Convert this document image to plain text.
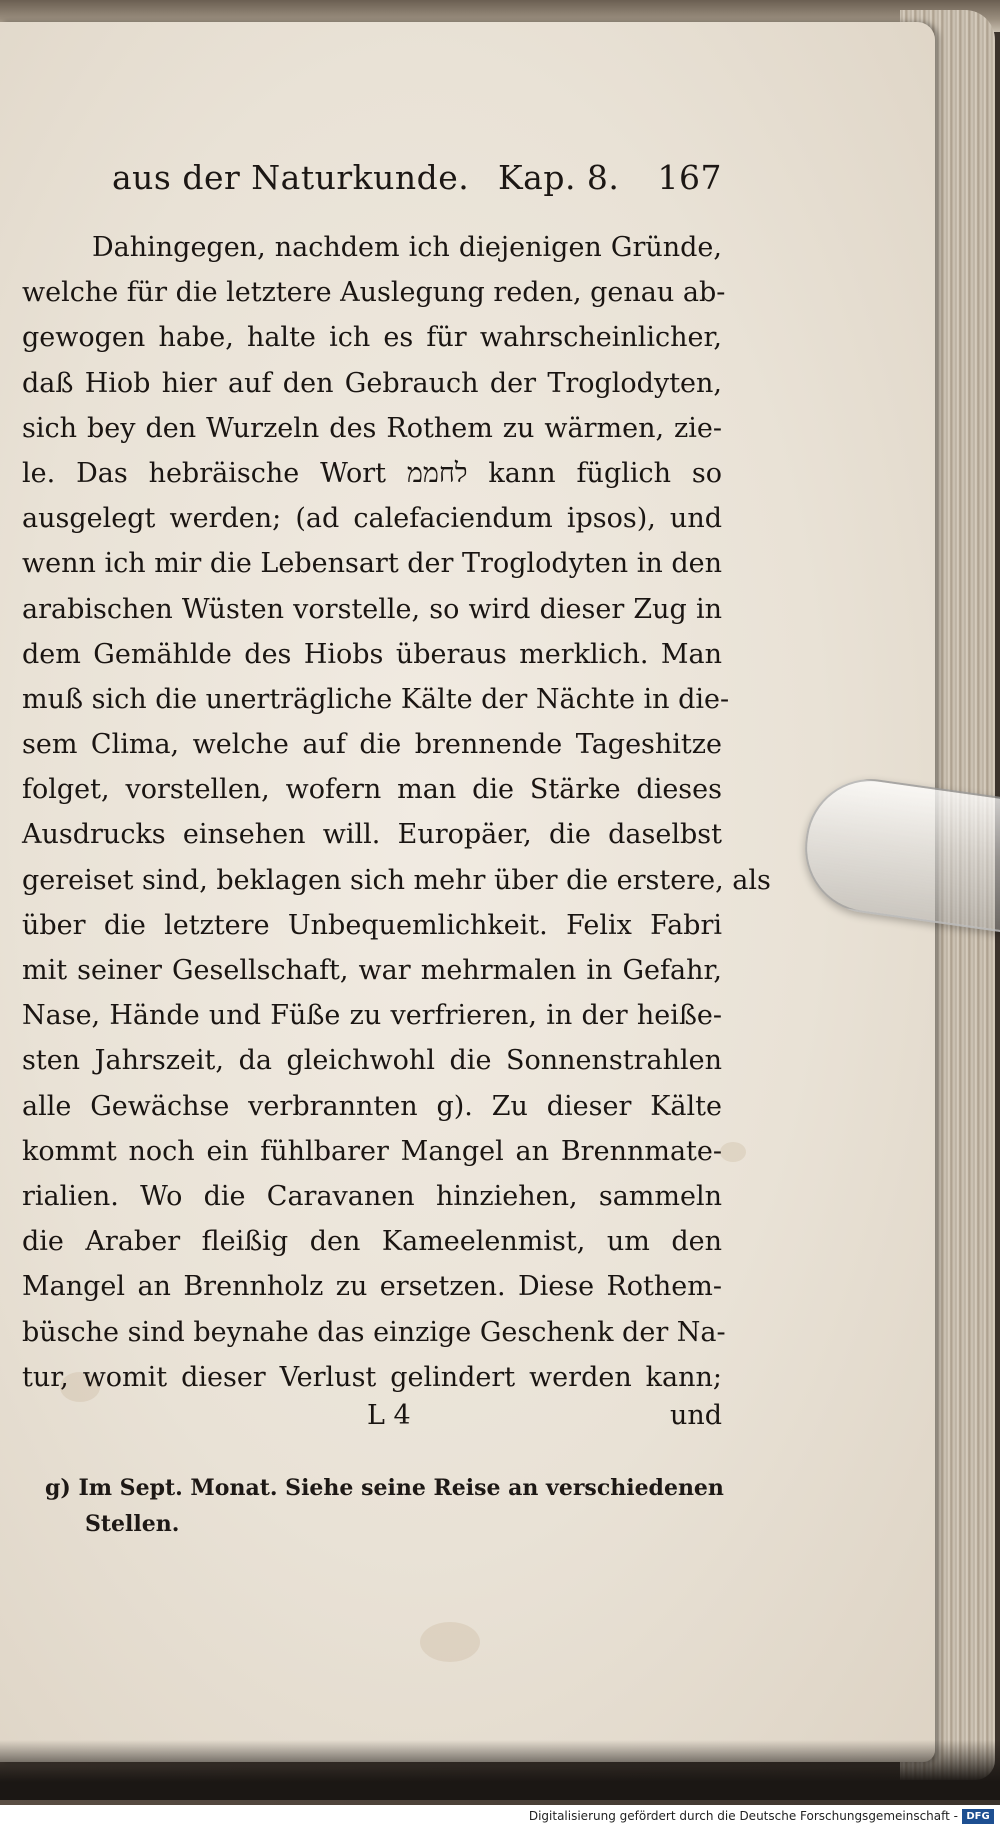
aus der Naturkunde. Kap. 8. 167
Dahingegen, nachdem ich diejenigen Gründe,
welche für die letztere Auslegung reden, genau ab-
gewogen habe, halte ich es für wahrscheinlicher,
daß Hiob hier auf den Gebrauch der Troglodyten,
sich bey den Wurzeln des Rothem zu wärmen, zie-
le. Das hebräische Wort לחממ kann füglich so
ausgelegt werden; (ad calefaciendum ipsos), und
wenn ich mir die Lebensart der Troglodyten in den
arabischen Wüsten vorstelle, so wird dieser Zug in
dem Gemählde des Hiobs überaus merklich. Man
muß sich die unerträgliche Kälte der Nächte in die-
sem Clima, welche auf die brennende Tageshitze
folget, vorstellen, wofern man die Stärke dieses
Ausdrucks einsehen will. Europäer, die daselbst
gereiset sind, beklagen sich mehr über die erstere, als
über die letztere Unbequemlichkeit. Felix Fabri
mit seiner Gesellschaft, war mehrmalen in Gefahr,
Nase, Hände und Füße zu verfrieren, in der heiße-
sten Jahrszeit, da gleichwohl die Sonnenstrahlen
alle Gewächse verbrannten g). Zu dieser Kälte
kommt noch ein fühlbarer Mangel an Brennmate-
rialien. Wo die Caravanen hinziehen, sammeln
die Araber fleißig den Kameelenmist, um den
Mangel an Brennholz zu ersetzen. Diese Rothem-
büsche sind beynahe das einzige Geschenk der Na-
tur, womit dieser Verlust gelindert werden kann;
L 4	und
g) Im Sept. Monat. Siehe seine Reise an verschiedenen
Stellen.
Digitalisierung gefördert durch die Deutsche Forschungsgemeinschaft - DFG
